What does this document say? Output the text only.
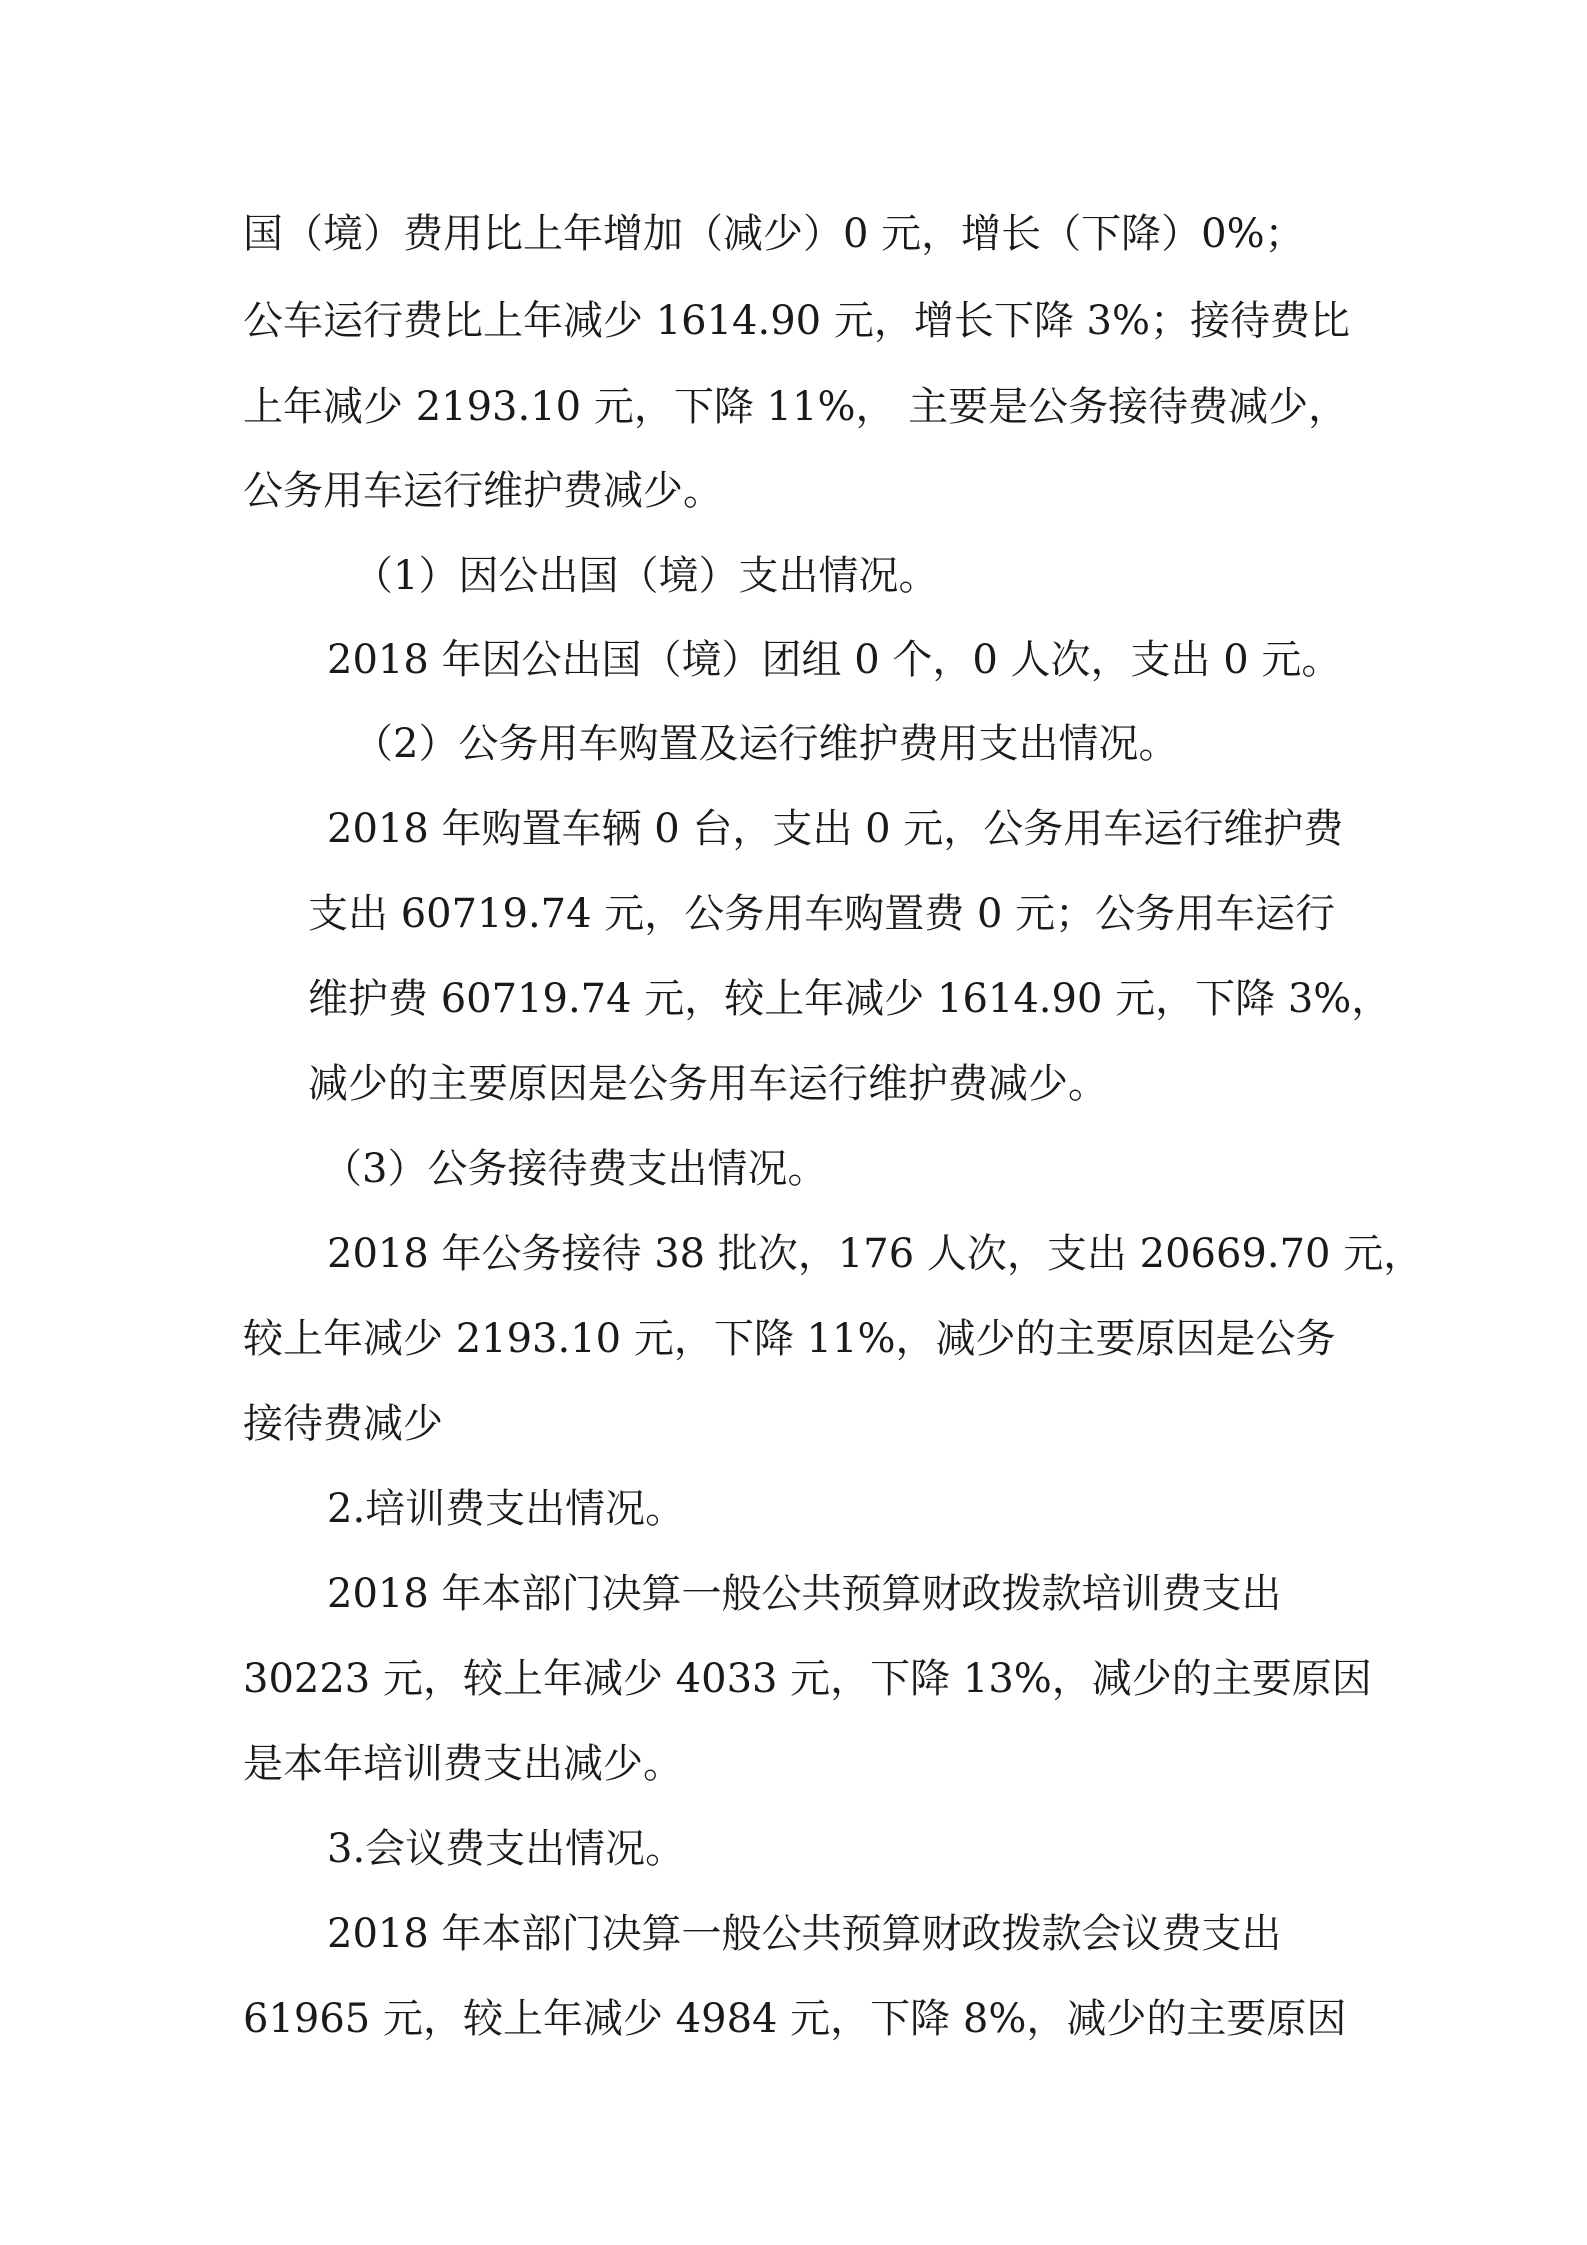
国（境）费用比上年增加（减少）0 元，增长（下降）0%；

公车运行费比上年减少 1614.90 元，增长下降 3%；接待费比

上年减少 2193.10 元，下降 11%， 主要是公务接待费减少，

公务用车运行维护费减少。

（1）因公出国（境）支出情况。

2018 年因公出国（境）团组 0 个，0 人次，支出 0 元。

（2）公务用车购置及运行维护费用支出情况。

2018 年购置车辆 0 台，支出 0 元，公务用车运行维护费

支出 60719.74 元，公务用车购置费 0 元；公务用车运行

维护费 60719.74 元，较上年减少 1614.90 元，下降 3%，

减少的主要原因是公务用车运行维护费减少。

（3）公务接待费支出情况。

2018 年公务接待 38 批次，176 人次，支出 20669.70 元，

较上年减少 2193.10 元，下降 11%，减少的主要原因是公务

接待费减少

2.培训费支出情况。

2018 年本部门决算一般公共预算财政拨款培训费支出

30223 元，较上年减少 4033 元，下降 13%，减少的主要原因

是本年培训费支出减少。

3.会议费支出情况。

2018 年本部门决算一般公共预算财政拨款会议费支出

61965 元，较上年减少 4984 元，下降 8%，减少的主要原因
